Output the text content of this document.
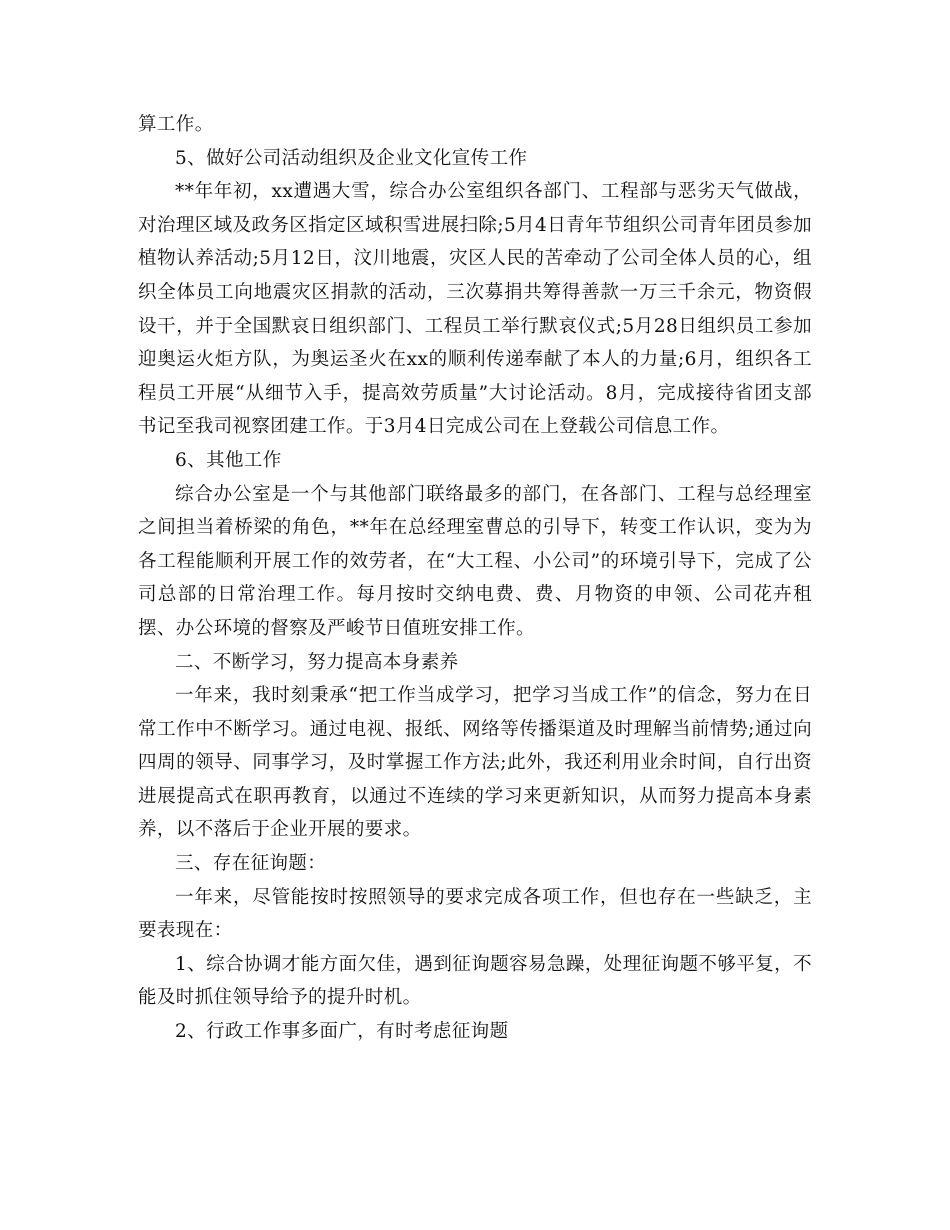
算工作。

5、做好公司活动组织及企业文化宣传工作

**年年初，xx遭遇大雪，综合办公室组织各部门、工程部与恶劣天气做战，对治理区域及政务区指定区域积雪进展扫除;5月4日青年节组织公司青年团员参加植物认养活动;5月12日，汶川地震，灾区人民的苦牵动了公司全体人员的心，组织全体员工向地震灾区捐款的活动，三次募捐共筹得善款一万三千余元，物资假设干，并于全国默哀日组织部门、工程员工举行默哀仪式;5月28日组织员工参加迎奥运火炬方队，为奥运圣火在xx的顺利传递奉献了本人的力量;6月，组织各工程员工开展“从细节入手，提高效劳质量”大讨论活动。8月，完成接待省团支部书记至我司视察团建工作。于3月4日完成公司在上登载公司信息工作。

6、其他工作

综合办公室是一个与其他部门联络最多的部门，在各部门、工程与总经理室之间担当着桥梁的角色，**年在总经理室曹总的引导下，转变工作认识，变为为各工程能顺利开展工作的效劳者，在“大工程、小公司”的环境引导下，完成了公司总部的日常治理工作。每月按时交纳电费、费、月物资的申领、公司花卉租摆、办公环境的督察及严峻节日值班安排工作。

二、不断学习，努力提高本身素养

一年来，我时刻秉承“把工作当成学习，把学习当成工作”的信念，努力在日常工作中不断学习。通过电视、报纸、网络等传播渠道及时理解当前情势;通过向四周的领导、同事学习，及时掌握工作方法;此外，我还利用业余时间，自行出资进展提高式在职再教育，以通过不连续的学习来更新知识，从而努力提高本身素养，以不落后于企业开展的要求。

三、存在征询题：

一年来，尽管能按时按照领导的要求完成各项工作，但也存在一些缺乏，主要表现在：

1、综合协调才能方面欠佳，遇到征询题容易急躁，处理征询题不够平复，不能及时抓住领导给予的提升时机。

2、行政工作事多面广，有时考虑征询题
